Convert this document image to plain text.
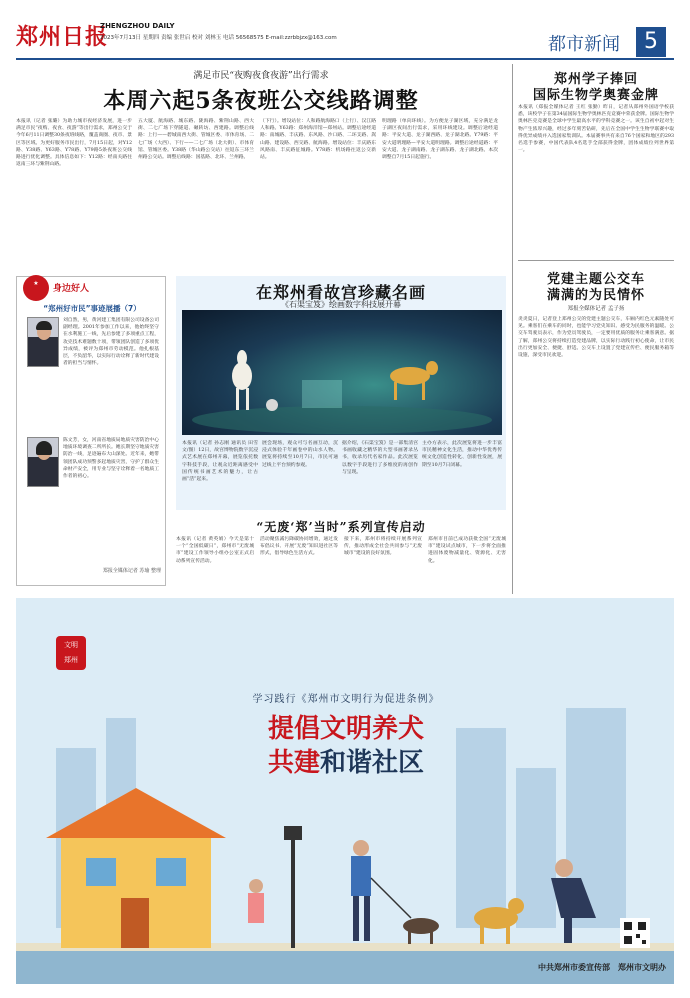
郑州日报
ZHENGZHOU DAILY
2023年7月13日 星期四 责编 张世启 校对 刘林玉 电话 56568575 E-mail:zzrbbjzx@163.com	都市新闻	5
满足市民“夜购夜食夜游”出行需求
本周六起5条夜班公交线路调整
本报讯（记者 张璐）为助力城市夜经济发展，进一步满足市民“夜购、夜食、夜游”等出行需求，郑州公交于今年6月11日调整30条夜班线路，覆盖商圈、夜市、景区等区域。为更好服务市民出行，7月15日起，对Y12路、Y38路、Y63路、Y78路、Y79路5条夜班公交线路进行优化调整。具体信息如下：Y12路：经南关路往返南三环与紫荆山路。
五大厦、航海路、城东路、陇海路、紫荆山路、西大街、二七广场下穿隧道、碾转坊、西建路。调整后线路：上行——碧城南西大街、管城区委、市体育场、二七广场（大西）、下行——二七广场（北大街）、市体育馆、管城区委。Y38路（华山路公交站）往返东三环兰州路公交站。调整后线路：国基路、北环、兰州路。
（下行）。增设站位：人和路航海路口（上行）、汉江路人和路。Y63路：郑州海洋馆—郑州站。调整后途经道路：南城路、丰庆路、东风路、沙口路、二环支路、嵩山路、建设路、西交路、航海路。增设站位：丰庆路东风路南、丰庆路征城路。Y78路：机场路往返公交新站。
明理路（单向环线）。为方便龙子湖区域，充分满足龙子湖区夜间出行需求，采用环线建设。调整后途经道路：平安大道、龙子湖西路、龙子湖北路。Y79路：平安大道明理路—平安大道明理路。调整后途经道路：平安大道、龙子湖南路、龙子湖东路、龙子湖北路。本次调整自7月15日起施行。
★
身边好人
“郑州好市民”事迹展播（7）
刘自然，男，黄河建工集团有限公司设备公司副经理。2001年参加工作以来，他始终坚守在水利施工一线，先后参建了多项重点工程，攻克技术难题数十项，带领团队创造了多项优异成绩，被评为郑州市劳动模范。他扎根基层，不负韶华，以实际行动诠释了新时代建设者的担当与情怀。
陈文芳，女，河南省地质局地质灾害防治中心地质环境调查二所所长。她长期坚守地质灾害防治一线，足迹遍布大山深处。近年来，她带领团队成功预警多起地质灾害，守护了群众生命财产安全，用专业与坚守诠释着一名地质工作者的初心。
郑报全媒体记者 苏瑜 整理
在郑州看故宫珍藏名画
《石渠宝笈》绘画数字科技展开幕
本报讯（记者 孙志刚 通讯员 田雪 文/图）12日，故宫博物院数字沉浸式艺术展在郑州开幕，展览依托数字科技手段，让观众近距离感受中国传统书画艺术的魅力，让古画“活”起来。
展会现场，观众可与名画互动，沉浸式体验千年画卷中的山水人物。展览将持续至10月7日，市民可通过线上平台预约参观。
据介绍，《石渠宝笈》是一部集清宫书画收藏之精华的大型书画著录丛书，收录历代名家作品。此次展览以数字手段进行了多维度的再创作与呈现。
主办方表示，此次展览将进一步丰富市民精神文化生活，推动中华优秀传统文化创造性转化、创新性发展，展期至10月7日闭幕。
“无废‘郑’当时”系列宣传启动
本报讯（记者 黄英娟）今天是第十一个“全国低碳日”，郑州市“无废城市”建设工作领导小组办公室正式启动系列宣传活动。
活动聚焦减污降碳协同增效，通过发布倡议书、开展“无废”知识进社区等形式，倡导绿色生活方式。
接下来，郑州市将持续开展系列宣传，推动形成全社会共同参与“无废城市”建设的良好氛围。
郑州市目前已成功获批全国“无废城市”建设试点城市，下一步将全面推进固体废物减量化、资源化、无害化。
郑州学子捧回
国际生物学奥赛金牌
本报讯（郑报全媒体记者 王红 张勤）昨日，记者从郑州外国语学校获悉，该校学子在第34届国际生物学奥林匹克竞赛中荣获金牌。国际生物学奥林匹克竞赛是全球中学生最高水平的学科竞赛之一。该生自初中起对生物产生浓厚兴趣，经过多年刻苦钻研，先后在全国中学生生物学联赛中取得优异成绩并入选国家集训队。本届赛事共有来自76个国家和地区的293名选手参赛，中国代表队4名选手全部获得金牌，团体成绩位列世界第一。
党建主题公交车
满满的为民情怀
郑报全媒体记者 孟子扬
炎炎夏日，记者登上郑州公交的党建主题公交车，车厢内红色元素随处可见。乘客们在乘车的同时，也能学习党史知识、感受为民服务的温暖。公交车驾驶员表示，作为党员驾驶员，一定要用优质的服务让乘客满意。据了解，郑州公交将持续打造党建品牌，以实际行动践行初心使命，让市民出行更加安全、便捷、舒适。公交车上设置了党建宣传栏、便民服务箱等设施，深受市民欢迎。
文明
郑州
学习践行《郑州市文明行为促进条例》
提倡文明养犬
共建和谐社区
中共郑州市委宣传部　郑州市文明办
